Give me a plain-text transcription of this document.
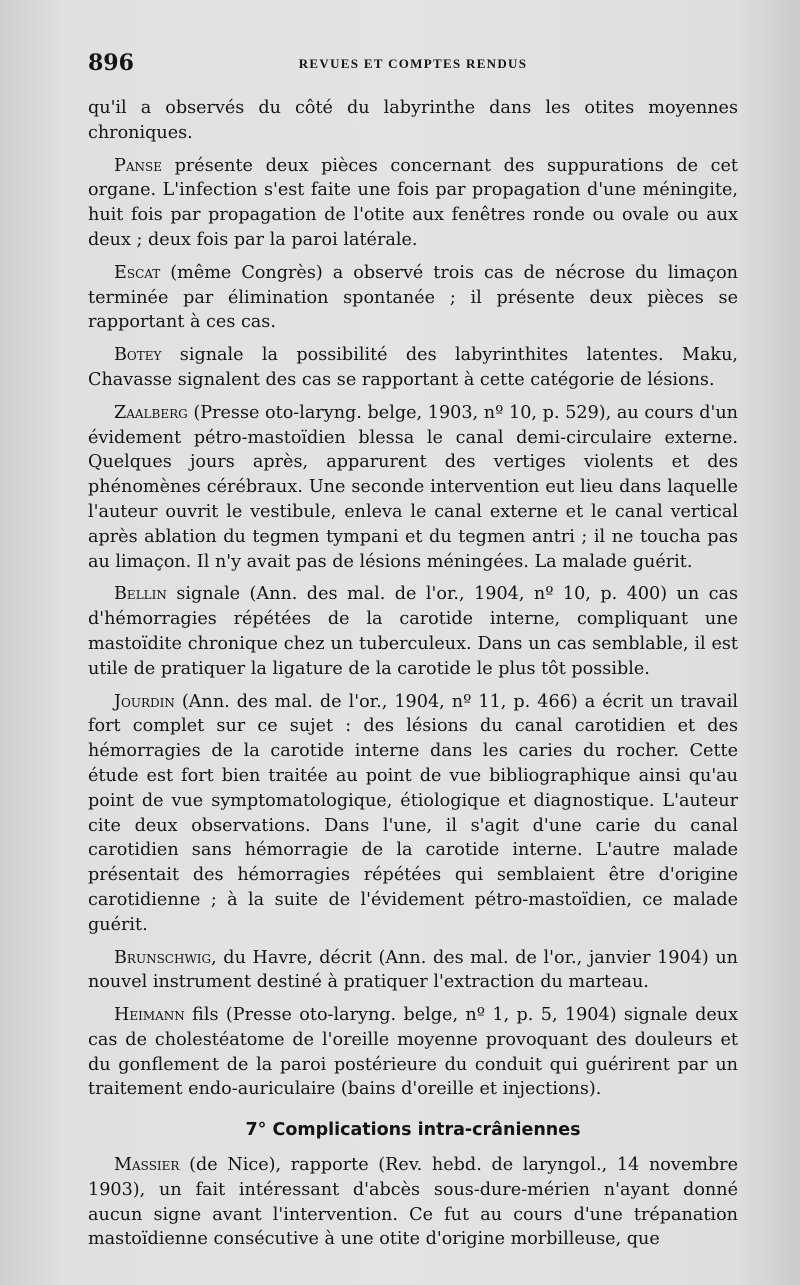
896	REVUES ET COMPTES RENDUS

qu'il a observés du côté du labyrinthe dans les otites moyennes chroniques.

Panse présente deux pièces concernant des suppurations de cet organe. L'infection s'est faite une fois par propagation d'une méningite, huit fois par propagation de l'otite aux fenêtres ronde ou ovale ou aux deux ; deux fois par la paroi latérale.

Escat (même Congrès) a observé trois cas de nécrose du limaçon terminée par élimination spontanée ; il présente deux pièces se rapportant à ces cas.

Botey signale la possibilité des labyrinthites latentes. Maku, Chavasse signalent des cas se rapportant à cette catégorie de lésions.

Zaalberg (Presse oto-laryng. belge, 1903, nº 10, p. 529), au cours d'un évidement pétro-mastoïdien blessa le canal demi-circulaire externe. Quelques jours après, apparurent des vertiges violents et des phénomènes cérébraux. Une seconde intervention eut lieu dans laquelle l'auteur ouvrit le vestibule, enleva le canal externe et le canal vertical après ablation du tegmen tympani et du tegmen antri ; il ne toucha pas au limaçon. Il n'y avait pas de lésions méningées. La malade guérit.

Bellin signale (Ann. des mal. de l'or., 1904, nº 10, p. 400) un cas d'hémorragies répétées de la carotide interne, compliquant une mastoïdite chronique chez un tuberculeux. Dans un cas semblable, il est utile de pratiquer la ligature de la carotide le plus tôt possible.

Jourdin (Ann. des mal. de l'or., 1904, nº 11, p. 466) a écrit un travail fort complet sur ce sujet : des lésions du canal carotidien et des hémorragies de la carotide interne dans les caries du rocher. Cette étude est fort bien traitée au point de vue bibliographique ainsi qu'au point de vue symptomatologique, étiologique et diagnostique. L'auteur cite deux observations. Dans l'une, il s'agit d'une carie du canal carotidien sans hémorragie de la carotide interne. L'autre malade présentait des hémorragies répétées qui semblaient être d'origine carotidienne ; à la suite de l'évidement pétro-mastoïdien, ce malade guérit.

Brunschwig, du Havre, décrit (Ann. des mal. de l'or., janvier 1904) un nouvel instrument destiné à pratiquer l'extraction du marteau.

Heimann fils (Presse oto-laryng. belge, nº 1, p. 5, 1904) signale deux cas de cholestéatome de l'oreille moyenne provoquant des douleurs et du gonflement de la paroi postérieure du conduit qui guérirent par un traitement endo-auriculaire (bains d'oreille et injections).

7° Complications intra-crâniennes

Massier (de Nice), rapporte (Rev. hebd. de laryngol., 14 novembre 1903), un fait intéressant d'abcès sous-dure-mérien n'ayant donné aucun signe avant l'intervention. Ce fut au cours d'une trépanation mastoïdienne consécutive à une otite d'origine morbilleuse, que
